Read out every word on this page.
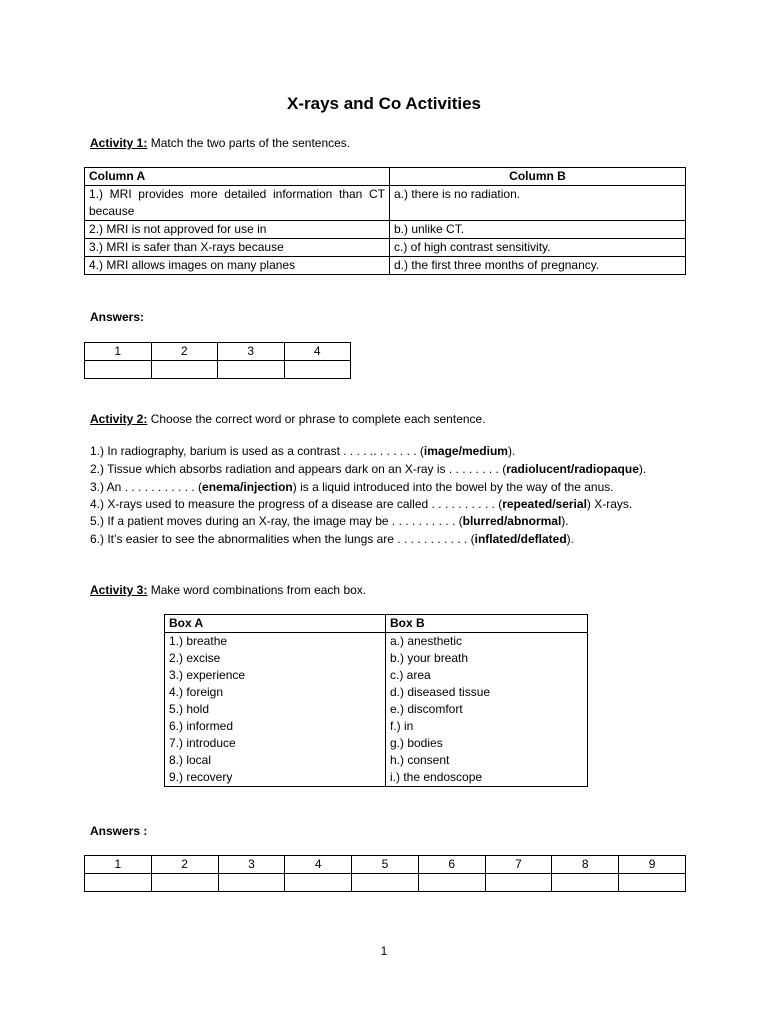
X-rays and Co Activities
Activity 1: Match the two parts of the sentences.
Column A	Column B
1.) MRI provides more detailed information than CT because	a.) there is no radiation.
2.) MRI is not approved for use in	b.) unlike CT.
3.) MRI is safer than X-rays because	c.) of high contrast sensitivity.
4.) MRI allows images on many planes	d.) the first three months of pregnancy.
Answers:
1	2	3	4

Activity 2: Choose the correct word or phrase to complete each sentence.
1.) In radiography, barium is used as a contrast . . . . .. . . . . . . (image/medium).
2.) Tissue which absorbs radiation and appears dark on an X-ray is . . . . . . . . (radiolucent/radiopaque).
3.) An . . . . . . . . . . . (enema/injection) is a liquid introduced into the bowel by the way of the anus.
4.) X-rays used to measure the progress of a disease are called . . . . . . . . . . (repeated/serial) X-rays.
5.) If a patient moves during an X-ray, the image may be . . . . . . . . . . (blurred/abnormal).
6.) It’s easier to see the abnormalities when the lungs are . . . . . . . . . . . (inflated/deflated).
Activity 3: Make word combinations from each box.
Box A	Box B
1.) breathe	a.) anesthetic
2.) excise	b.) your breath
3.) experience	c.) area
4.) foreign	d.) diseased tissue
5.) hold	e.) discomfort
6.) informed	f.) in
7.) introduce	g.) bodies
8.) local	h.) consent
9.) recovery	i.) the endoscope
Answers :
1	2	3	4	5	6	7	8	9

1
